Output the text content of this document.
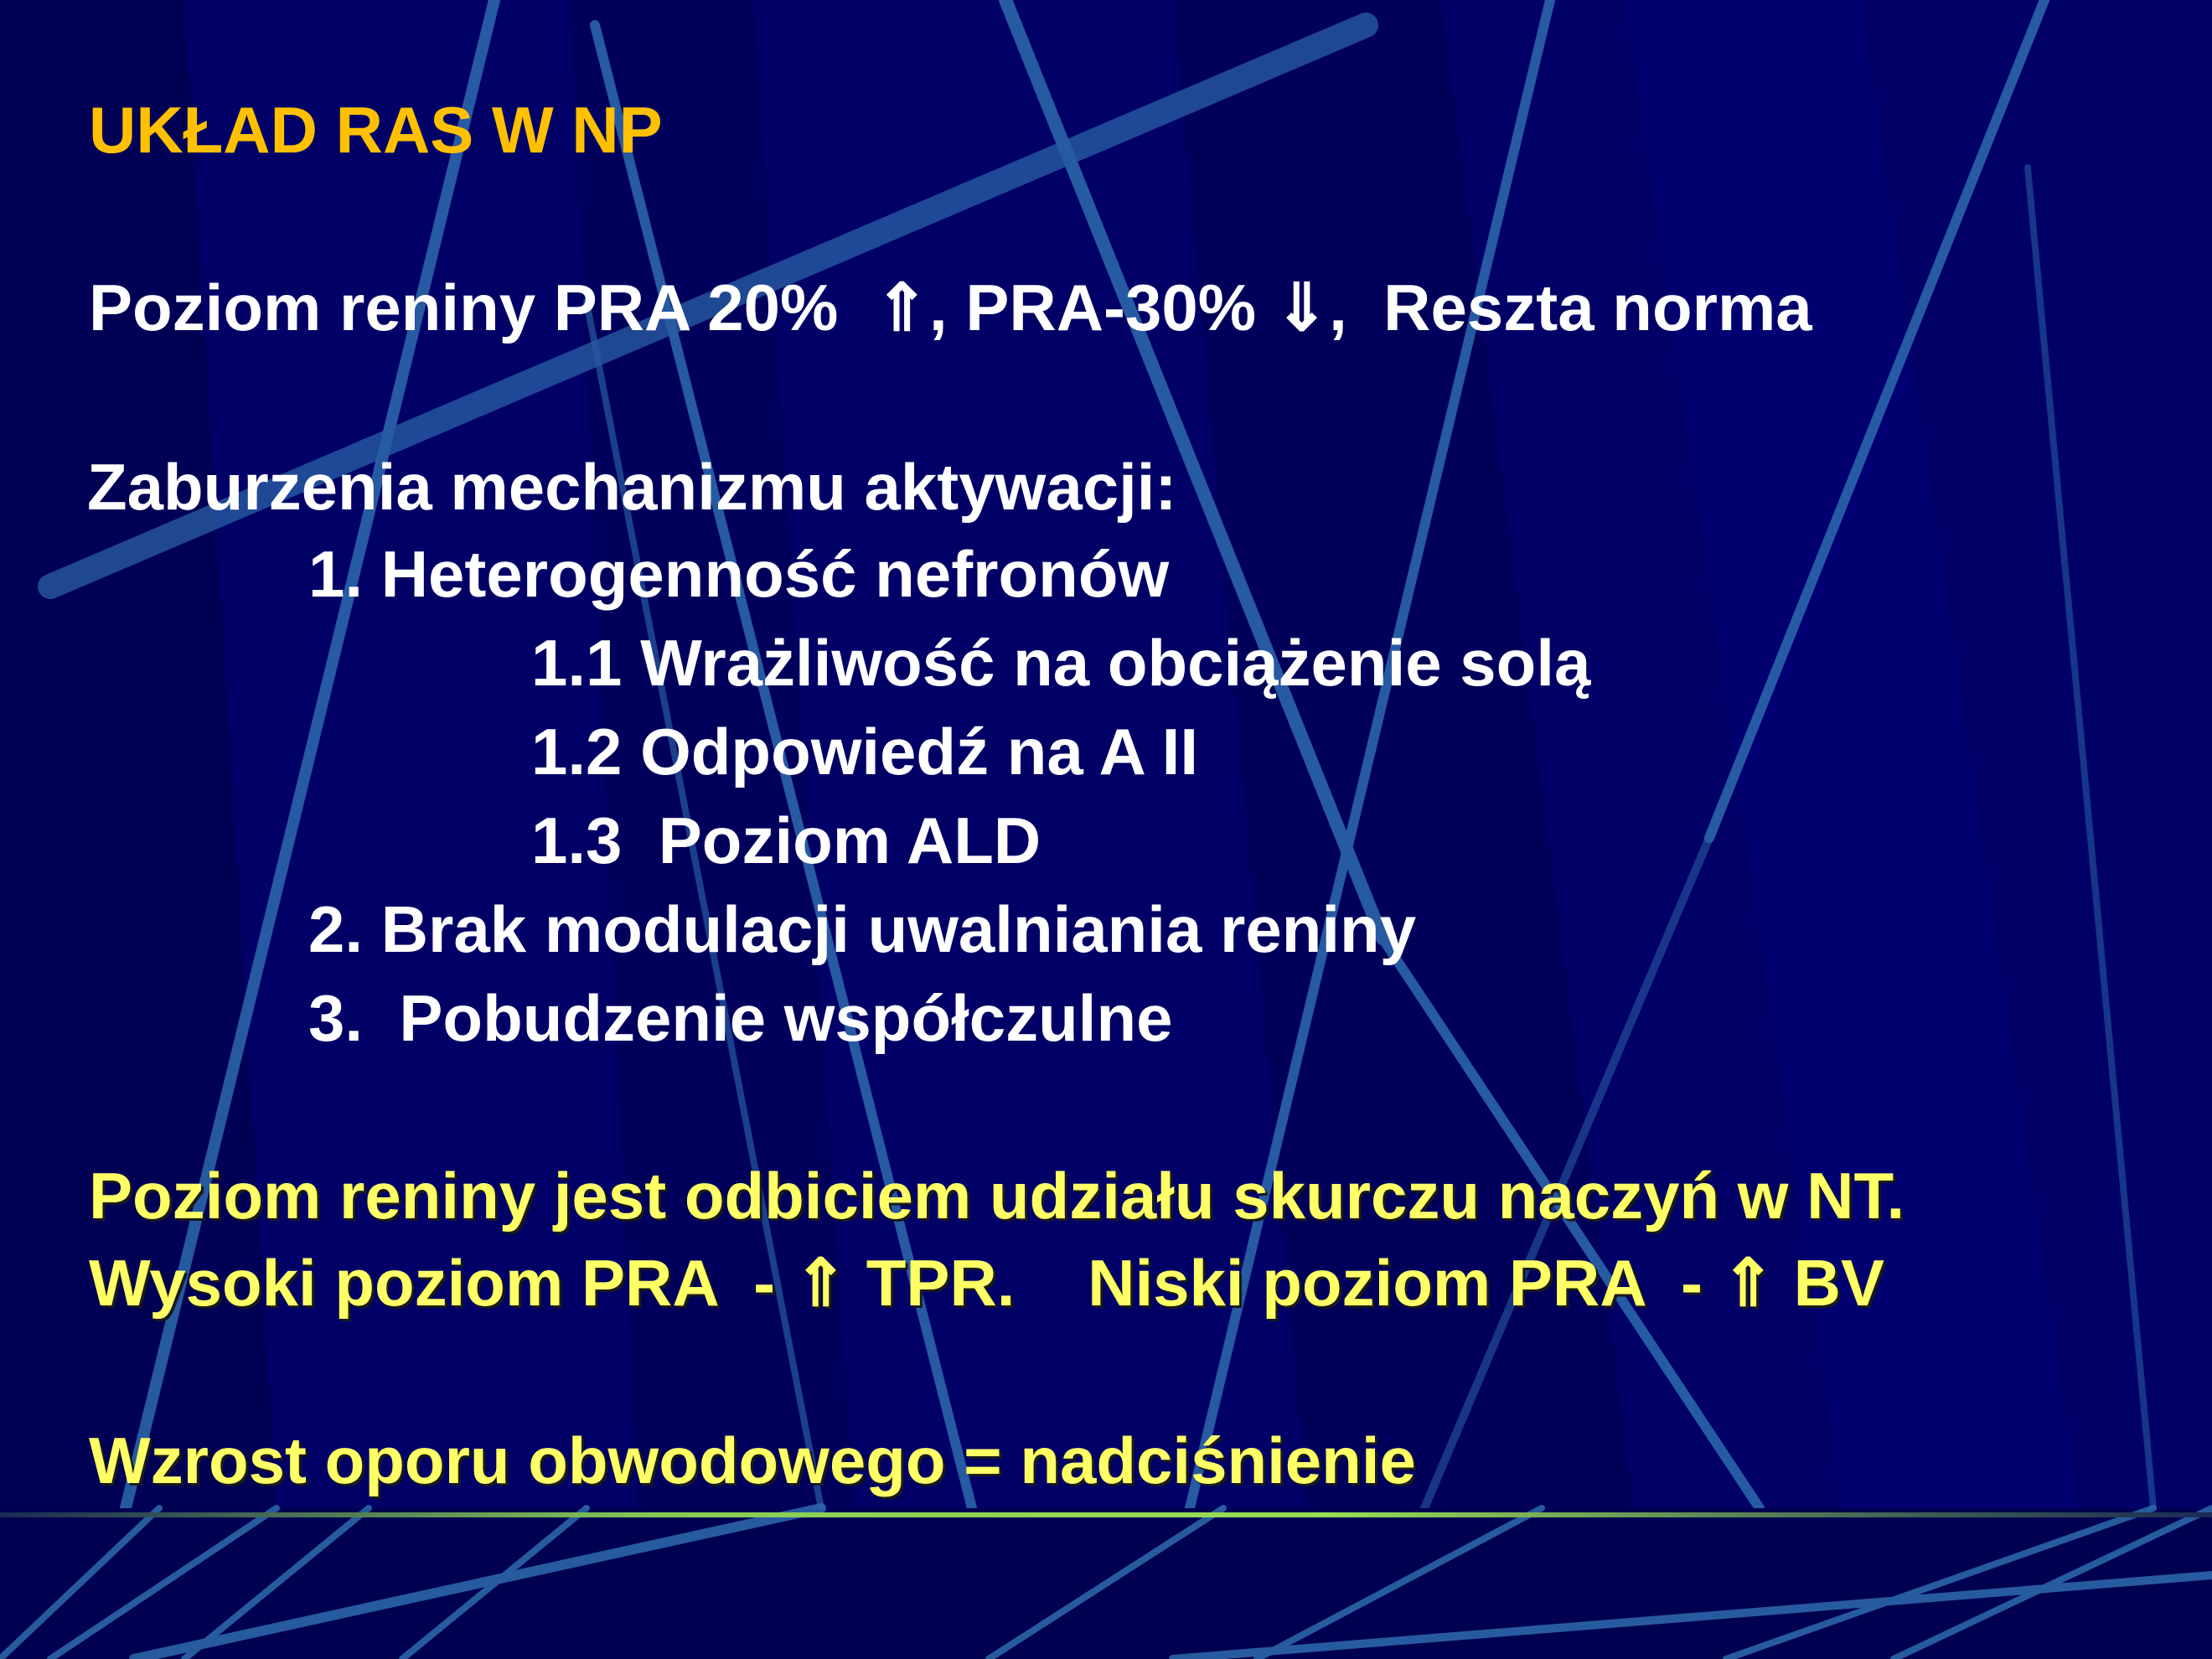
UKŁAD RAS W NP
Poziom reniny PRA 20%  ⇑, PRA-30% ⇓,  Reszta norma
Zaburzenia mechanizmu aktywacji:
1. Heterogenność nefronów
1.1 Wrażliwość na obciążenie solą
1.2 Odpowiedź na A II
1.3  Poziom ALD
2. Brak modulacji uwalniania reniny
3.  Pobudzenie współczulne
Poziom reniny jest odbiciem udziału skurczu naczyń w NT.
Wysoki poziom PRA  - ⇑ TPR.    Niski poziom PRA  - ⇑ BV
Wzrost oporu obwodowego = nadciśnienie
